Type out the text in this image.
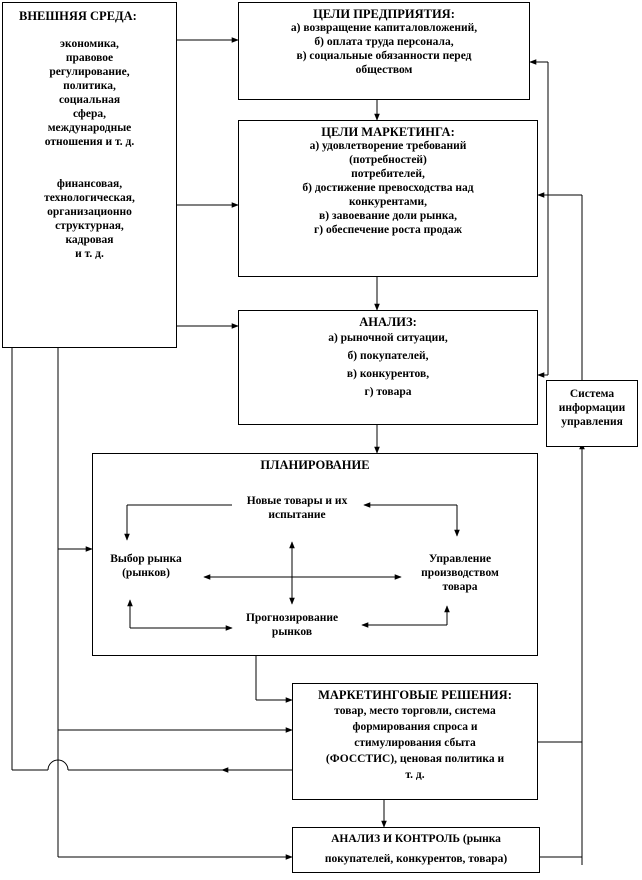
ВНЕШНЯЯ СРЕДА:
экономика,
правовое
регулирование,
политика,
социальная
сфера,
международные
отношения и т. д.
финансовая,
технологическая,
организационно
структурная,
кадровая
и т. д.
ЦЕЛИ ПРЕДПРИЯТИЯ:
а) возвращение капиталовложений,
б) оплата труда персонала,
в) социальные обязанности перед
обществом
ЦЕЛИ МАРКЕТИНГА:
а) удовлетворение требований
(потребностей)
потребителей,
б) достижение превосходства над
конкурентами,
в) завоевание доли рынка,
г) обеспечение роста продаж
АНАЛИЗ:
а) рыночной ситуации,
б) покупателей,
в) конкурентов,
г) товара	Система
информации
управления
ПЛАНИРОВАНИЕ
Новые товары и их
испытание
Выбор рынка
(рынков)
Управление
производством
товара
Прогнозирование
рынков
МАРКЕТИНГОВЫЕ РЕШЕНИЯ:
товар, место торговли, система
формирования спроса и
стимулирования сбыта
(ФОССТИС), ценовая политика и
т. д.
АНАЛИЗ И КОНТРОЛЬ (рынка
покупателей, конкурентов, товара)
